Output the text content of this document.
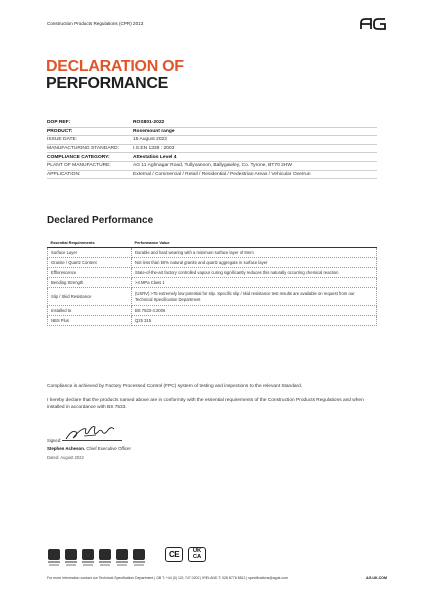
Construction Products Regulations (CPR) 2013
DECLARATION OF
PERFORMANCE
DOP REF:	ROS801-2022
PRODUCT:	Rosemount range
ISSUE DATE:	15 August 2022
MANUFACTURING STANDARD:	I.S.EN 1339 : 2003
COMPLIANCE CATEGORY:	Attestation Level 4
PLANT OF MANUFACTURE:	AG 11 Aghnagar Road, Tullyvannon, Ballygawley, Co. Tyrone, BT70 2HW
APPLICATION:	External / Commercial / Retail / Residential / Pedestrian Areas / Vehicular Overrun
Declared Performance
Essential Requirements	Performance Value
Surface Layer	Durable and hard wearing with a minimum surface layer of 8mm
Granite / Quartz Content	Not less than 50% natural granite and quartz aggregate in surface layer
Efflorescence	State-of-the-art factory controlled vapour curing significantly reduces this naturally occurring chemical reaction
Bending Strength	>4 MPa Class 1
Slip / Skid Resistance	(USRV) >75 extremely low potential for slip. Specific slip / skid resistance test results are available on request from our Technical Specification Department
Installed to	BS 7533-4:2006
NBS Plus	Q25 315
Compliance is achieved by Factory Processed Control (FPC) system of testing and inspections to the relevant Standard.
I hereby declare that the products named above are in conformity with the essential requirements of the Construction Products Regulations and when installed in accordance with BS 7533.
Signed:
Stephen Acheson, Chief Executive Officer
Dated: August 2022
CE	UK
CA
For more information contact our Technical Specification Department | GB T: +44 (0) 121 747 0202 | IRELAND T: 028 8776 8812 | specifications@aguk.com	AG.UK.COM
